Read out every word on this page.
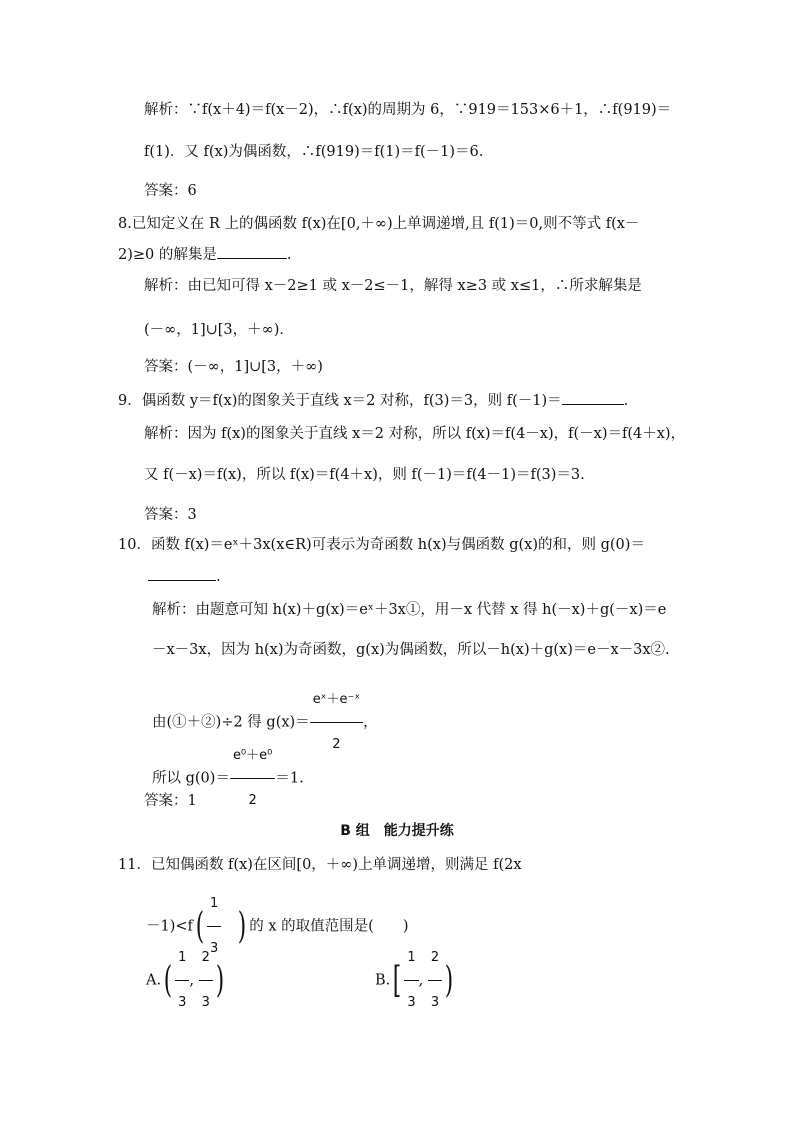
解析：∵f(x＋4)＝f(x－2)，∴f(x)的周期为 6，∵919＝153×6＋1，∴f(919)＝
f(1)．又 f(x)为偶函数，∴f(919)＝f(1)＝f(－1)＝6.
答案：6
8.已知定义在 R 上的偶函数 f(x)在[0,＋∞)上单调递增,且 f(1)＝0,则不等式 f(x－
2)≥0 的解集是	.
解析：由已知可得 x－2≥1 或 x－2≤－1，解得 x≥3 或 x≤1，∴所求解集是
(－∞，1]∪[3，＋∞)．
答案：(－∞，1]∪[3，＋∞)
9．偶函数 y＝f(x)的图象关于直线 x＝2 对称，f(3)＝3，则 f(－1)＝	.
解析：因为 f(x)的图象关于直线 x＝2 对称，所以 f(x)＝f(4－x)，f(－x)＝f(4＋x)，
又 f(－x)＝f(x)，所以 f(x)＝f(4＋x)，则 f(－1)＝f(4－1)＝f(3)＝3.
答案：3
10．函数 f(x)＝eˣ＋3x(x∈R)可表示为奇函数 h(x)与偶函数 g(x)的和，则 g(0)＝
.
解析：由题意可知 h(x)＋g(x)＝eˣ＋3x①，用－x 代替 x 得 h(－x)＋g(－x)＝e
－x－3x，因为 h(x)为奇函数，g(x)为偶函数，所以－h(x)＋g(x)＝e－x－3x②.
由(①＋②)÷2 得 $g(x)= \frac{\text{eˣ＋e⁻ˣ}}{2}$ ，
所以 $g(0)= \frac{\text{e⁰＋e⁰}}{2} =1$.
答案：1
B 组　能力提升练
11．已知偶函数 f(x)在区间[0，＋∞)上单调递增，则满足 f(2x
$-1)<f( \frac{1}{3}$ ) 的 x 的取值范围是(　　)
$A.( \frac{1}{3}$ , $\frac{2}{3}$ )	$B.[ \frac{1}{3}$ , $\frac{2}{3}$ )
